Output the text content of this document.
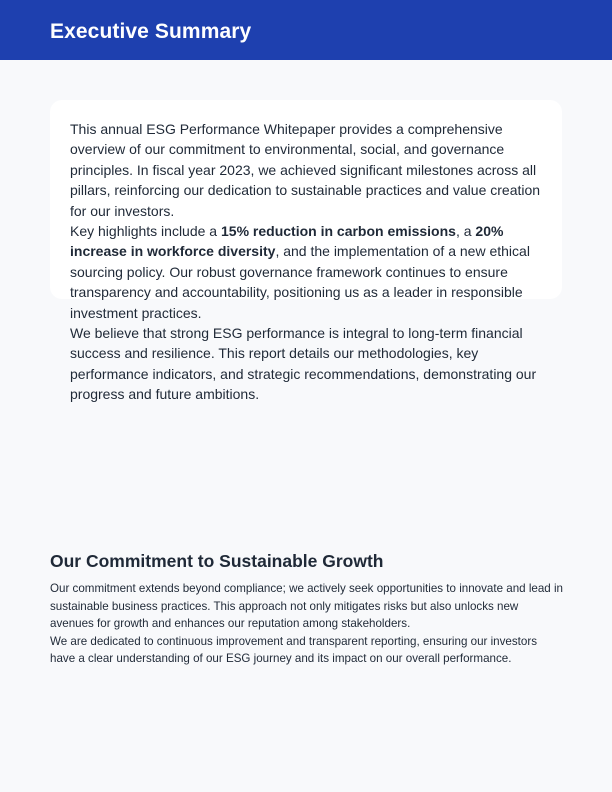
Executive Summary

This annual ESG Performance Whitepaper provides a comprehensive overview of our commitment to environmental, social, and governance principles. In fiscal year 2023, we achieved significant milestones across all pillars, reinforcing our dedication to sustainable practices and value creation for our investors.

Key highlights include a 15% reduction in carbon emissions, a 20% increase in workforce diversity, and the implementation of a new ethical sourcing policy. Our robust governance framework continues to ensure transparency and accountability, positioning us as a leader in responsible investment practices.

We believe that strong ESG performance is integral to long-term financial success and resilience. This report details our methodologies, key performance indicators, and strategic recommendations, demonstrating our progress and future ambitions.

Our Commitment to Sustainable Growth

Our commitment extends beyond compliance; we actively seek opportunities to innovate and lead in sustainable business practices. This approach not only mitigates risks but also unlocks new avenues for growth and enhances our reputation among stakeholders.

We are dedicated to continuous improvement and transparent reporting, ensuring our investors have a clear understanding of our ESG journey and its impact on our overall performance.
